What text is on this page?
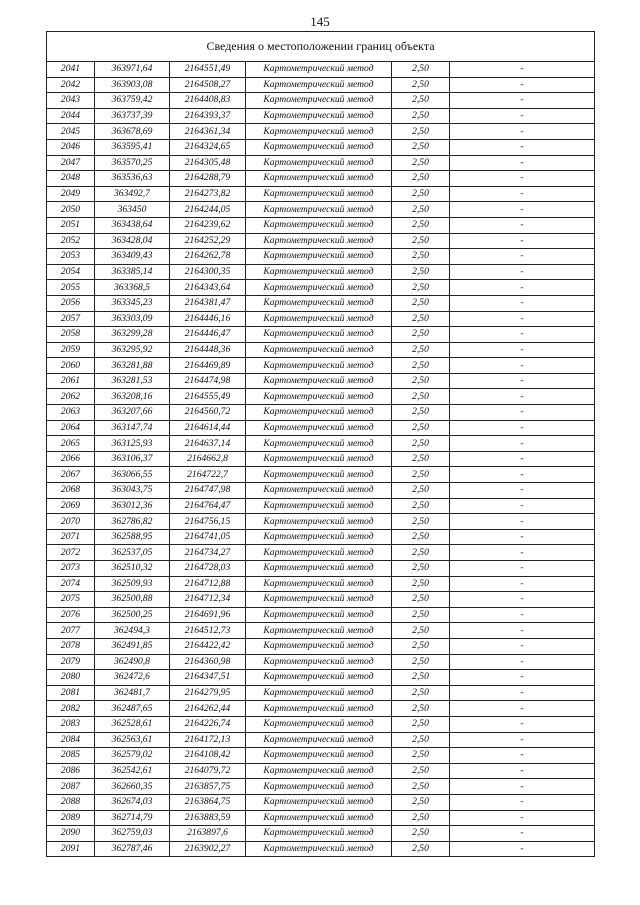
145
Сведения о местоположении границ объекта					
2041	363971,64	2164551,49	Картометрический метод	2,50	-
2042	363903,08	2164508,27	Картометрический метод	2,50	-
2043	363759,42	2164408,83	Картометрический метод	2,50	-
2044	363737,39	2164393,37	Картометрический метод	2,50	-
2045	363678,69	2164361,34	Картометрический метод	2,50	-
2046	363595,41	2164324,65	Картометрический метод	2,50	-
2047	363570,25	2164305,48	Картометрический метод	2,50	-
2048	363536,63	2164288,79	Картометрический метод	2,50	-
2049	363492,7	2164273,82	Картометрический метод	2,50	-
2050	363450	2164244,05	Картометрический метод	2,50	-
2051	363438,64	2164239,62	Картометрический метод	2,50	-
2052	363428,04	2164252,29	Картометрический метод	2,50	-
2053	363409,43	2164262,78	Картометрический метод	2,50	-
2054	363385,14	2164300,35	Картометрический метод	2,50	-
2055	363368,5	2164343,64	Картометрический метод	2,50	-
2056	363345,23	2164381,47	Картометрический метод	2,50	-
2057	363303,09	2164446,16	Картометрический метод	2,50	-
2058	363299,28	2164446,47	Картометрический метод	2,50	-
2059	363295,92	2164448,36	Картометрический метод	2,50	-
2060	363281,88	2164469,89	Картометрический метод	2,50	-
2061	363281,53	2164474,98	Картометрический метод	2,50	-
2062	363208,16	2164555,49	Картометрический метод	2,50	-
2063	363207,66	2164560,72	Картометрический метод	2,50	-
2064	363147,74	2164614,44	Картометрический метод	2,50	-
2065	363125,93	2164637,14	Картометрический метод	2,50	-
2066	363106,37	2164662,8	Картометрический метод	2,50	-
2067	363066,55	2164722,7	Картометрический метод	2,50	-
2068	363043,75	2164747,98	Картометрический метод	2,50	-
2069	363012,36	2164764,47	Картометрический метод	2,50	-
2070	362786,82	2164756,15	Картометрический метод	2,50	-
2071	362588,95	2164741,05	Картометрический метод	2,50	-
2072	362537,05	2164734,27	Картометрический метод	2,50	-
2073	362510,32	2164728,03	Картометрический метод	2,50	-
2074	362509,93	2164712,88	Картометрический метод	2,50	-
2075	362500,88	2164712,34	Картометрический метод	2,50	-
2076	362500,25	2164691,96	Картометрический метод	2,50	-
2077	362494,3	2164512,73	Картометрический метод	2,50	-
2078	362491,85	2164422,42	Картометрический метод	2,50	-
2079	362490,8	2164360,98	Картометрический метод	2,50	-
2080	362472,6	2164347,51	Картометрический метод	2,50	-
2081	362481,7	2164279,95	Картометрический метод	2,50	-
2082	362487,65	2164262,44	Картометрический метод	2,50	-
2083	362528,61	2164226,74	Картометрический метод	2,50	-
2084	362563,61	2164172,13	Картометрический метод	2,50	-
2085	362579,02	2164108,42	Картометрический метод	2,50	-
2086	362542,61	2164079,72	Картометрический метод	2,50	-
2087	362660,35	2163857,75	Картометрический метод	2,50	-
2088	362674,03	2163864,75	Картометрический метод	2,50	-
2089	362714,79	2163883,59	Картометрический метод	2,50	-
2090	362759,03	2163897,6	Картометрический метод	2,50	-
2091	362787,46	2163902,27	Картометрический метод	2,50	-
